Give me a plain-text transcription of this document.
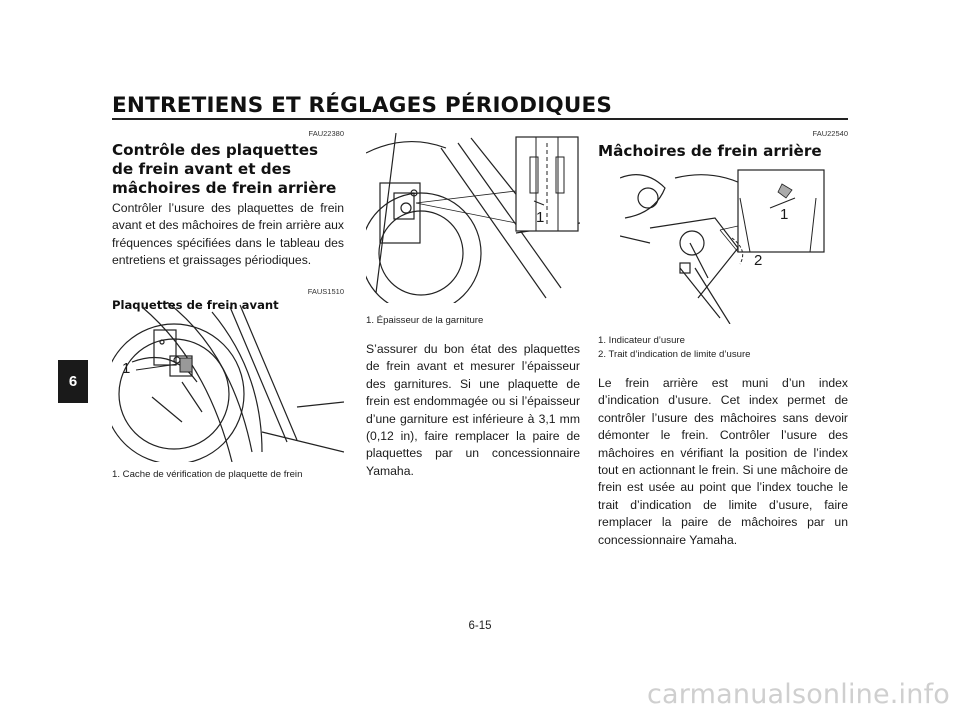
ENTRETIENS ET RÉGLAGES PÉRIODIQUES
6

FAU22380

Contrôle des plaquettes de frein avant et des mâchoires de frein arrière

Contrôler l’usure des plaquettes de frein avant et des mâchoires de frein arrière aux fréquences spécifiées dans le tableau des entretiens et graissages périodiques.

FAUS1510

Plaquettes de frein avant
1

1. Cache de vérification de plaquette de frein

1

1. Épaisseur de la garniture

S’assurer du bon état des plaquettes de frein avant et mesurer l’épaisseur des garnitures. Si une plaquette de frein est endommagée ou si l’épaisseur d’une garniture est inférieure à 3,1 mm (0,12 in), faire remplacer la paire de plaquettes par un concessionnaire Yamaha.

FAU22540

Mâchoires de frein arrière
1
2

1. Indicateur d’usure

2. Trait d’indication de limite d’usure

Le frein arrière est muni d’un index d’indication d’usure. Cet index permet de contrôler l’usure des mâchoires sans devoir démonter le frein. Contrôler l’usure des mâchoires en vérifiant la position de l’index tout en actionnant le frein. Si une mâchoire de frein est usée au point que l’index touche le trait d’indication de limite d’usure, faire remplacer la paire de mâchoires par un concessionnaire Yamaha.

6-15
carmanualsonline.info
